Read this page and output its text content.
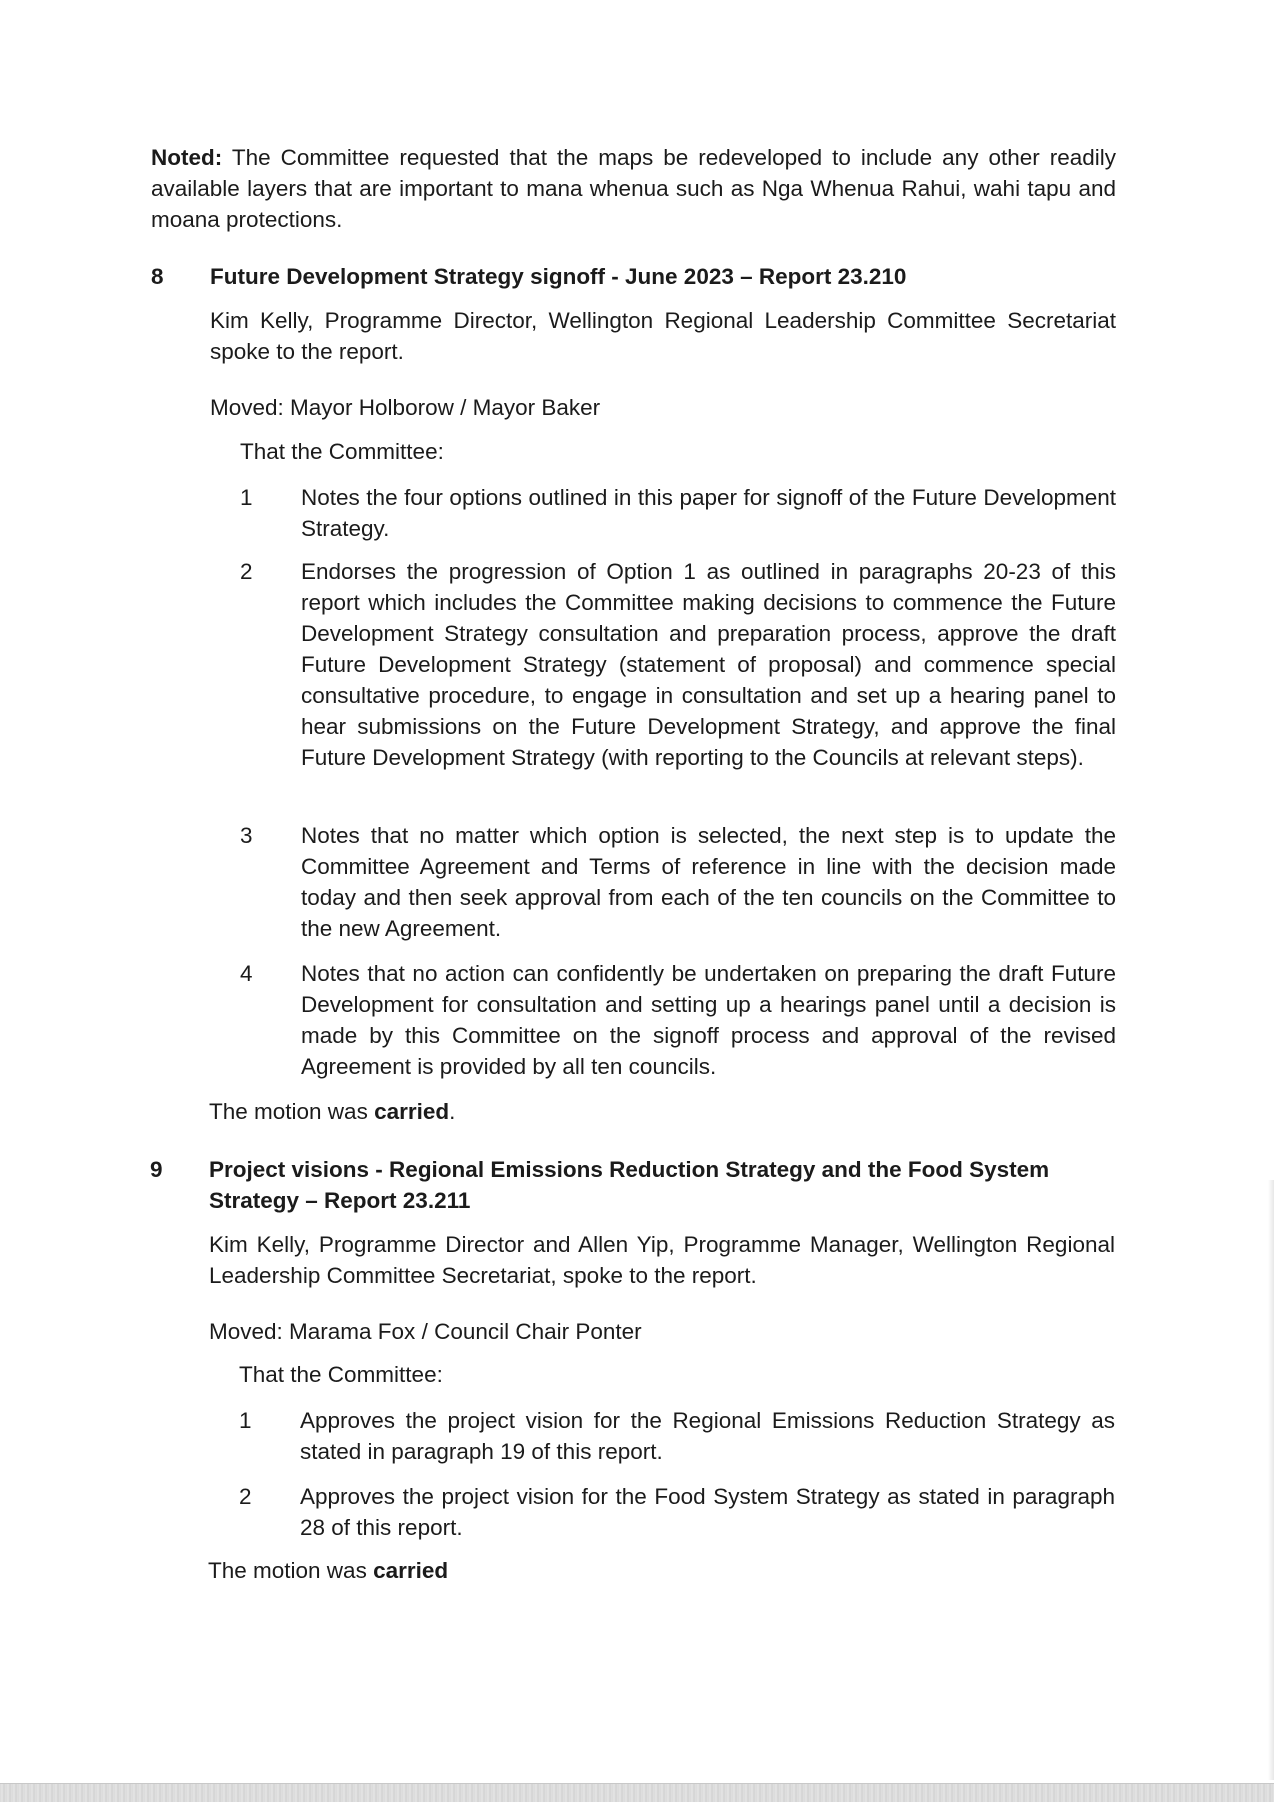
Noted: The Committee requested that the maps be redeveloped to include any other readily available layers that are important to mana whenua such as Nga Whenua Rahui, wahi tapu and moana protections.
8 Future Development Strategy signoff - June 2023 – Report 23.210
Kim Kelly, Programme Director, Wellington Regional Leadership Committee Secretariat spoke to the report.
Moved: Mayor Holborow / Mayor Baker
That the Committee:
1 Notes the four options outlined in this paper for signoff of the Future Development Strategy.
2 Endorses the progression of Option 1 as outlined in paragraphs 20-23 of this report which includes the Committee making decisions to commence the Future Development Strategy consultation and preparation process, approve the draft Future Development Strategy (statement of proposal) and commence special consultative procedure, to engage in consultation and set up a hearing panel to hear submissions on the Future Development Strategy, and approve the final Future Development Strategy (with reporting to the Councils at relevant steps).
3 Notes that no matter which option is selected, the next step is to update the Committee Agreement and Terms of reference in line with the decision made today and then seek approval from each of the ten councils on the Committee to the new Agreement.
4 Notes that no action can confidently be undertaken on preparing the draft Future Development for consultation and setting up a hearings panel until a decision is made by this Committee on the signoff process and approval of the revised Agreement is provided by all ten councils.
The motion was carried.
9 Project visions - Regional Emissions Reduction Strategy and the Food System Strategy – Report 23.211
Kim Kelly, Programme Director and Allen Yip, Programme Manager, Wellington Regional Leadership Committee Secretariat, spoke to the report.
Moved: Marama Fox / Council Chair Ponter
That the Committee:
1 Approves the project vision for the Regional Emissions Reduction Strategy as stated in paragraph 19 of this report.
2 Approves the project vision for the Food System Strategy as stated in paragraph 28 of this report.
The motion was carried
